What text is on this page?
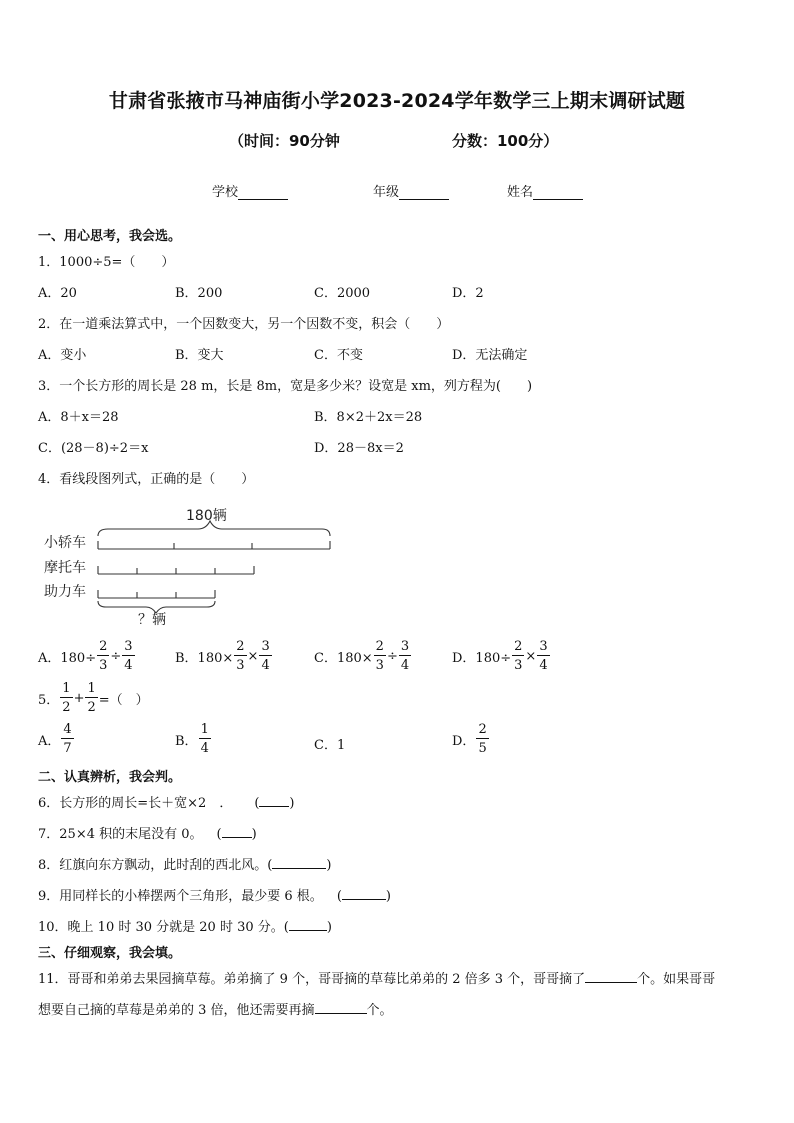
甘肃省张掖市马神庙街小学2023-2024学年数学三上期末调研试题
（时间：90分钟	分数：100分）
学校	年级	姓名
一、用心思考，我会选。
1．1000÷5=（　　）
A．20	B．200	C．2000	D．2
2．在一道乘法算式中，一个因数变大，另一个因数不变，积会（　　）
A．变小	B．变大	C．不变	D．无法确定
3．一个长方形的周长是 28 m，长是 8m，宽是多少米？设宽是 xm，列方程为(　　)
A．8＋x＝28	B．8×2＋2x＝28
C．(28－8)÷2＝x	D．28－8x＝2
4．看线段图列式，正确的是（　　）
180辆
小轿车
摩托车
助力车
？辆
A．$180\div \frac{2}{3} \div \frac{3}{4}$	B．$180\times \frac{2}{3} \times \frac{3}{4}$	C．$180\times \frac{2}{3} \div \frac{3}{4}$	D．$180\div \frac{2}{3} \times \frac{3}{4}$
5． $\frac{1}{2} + \frac{1}{2}$ =（　）
A． $\frac{4}{7}$	B． $\frac{1}{4}$	C．1	D． $\frac{2}{5}$
二、认真辨析，我会判。
6．长方形的周长=长＋宽×2　． ( )
7．25×4 积的末尾没有 0。 ( )
8．红旗向东方飘动，此时刮的西北风。(	)
9．用同样长的小棒摆两个三角形，最少要 6 根。 (	)
10．晚上 10 时 30 分就是 20 时 30 分。(	)
三、仔细观察，我会填。
11．哥哥和弟弟去果园摘草莓。弟弟摘了 9 个，哥哥摘的草莓比弟弟的 2 倍多 3 个，哥哥摘了	个。如果哥哥
想要自己摘的草莓是弟弟的 3 倍，他还需要再摘	个。
